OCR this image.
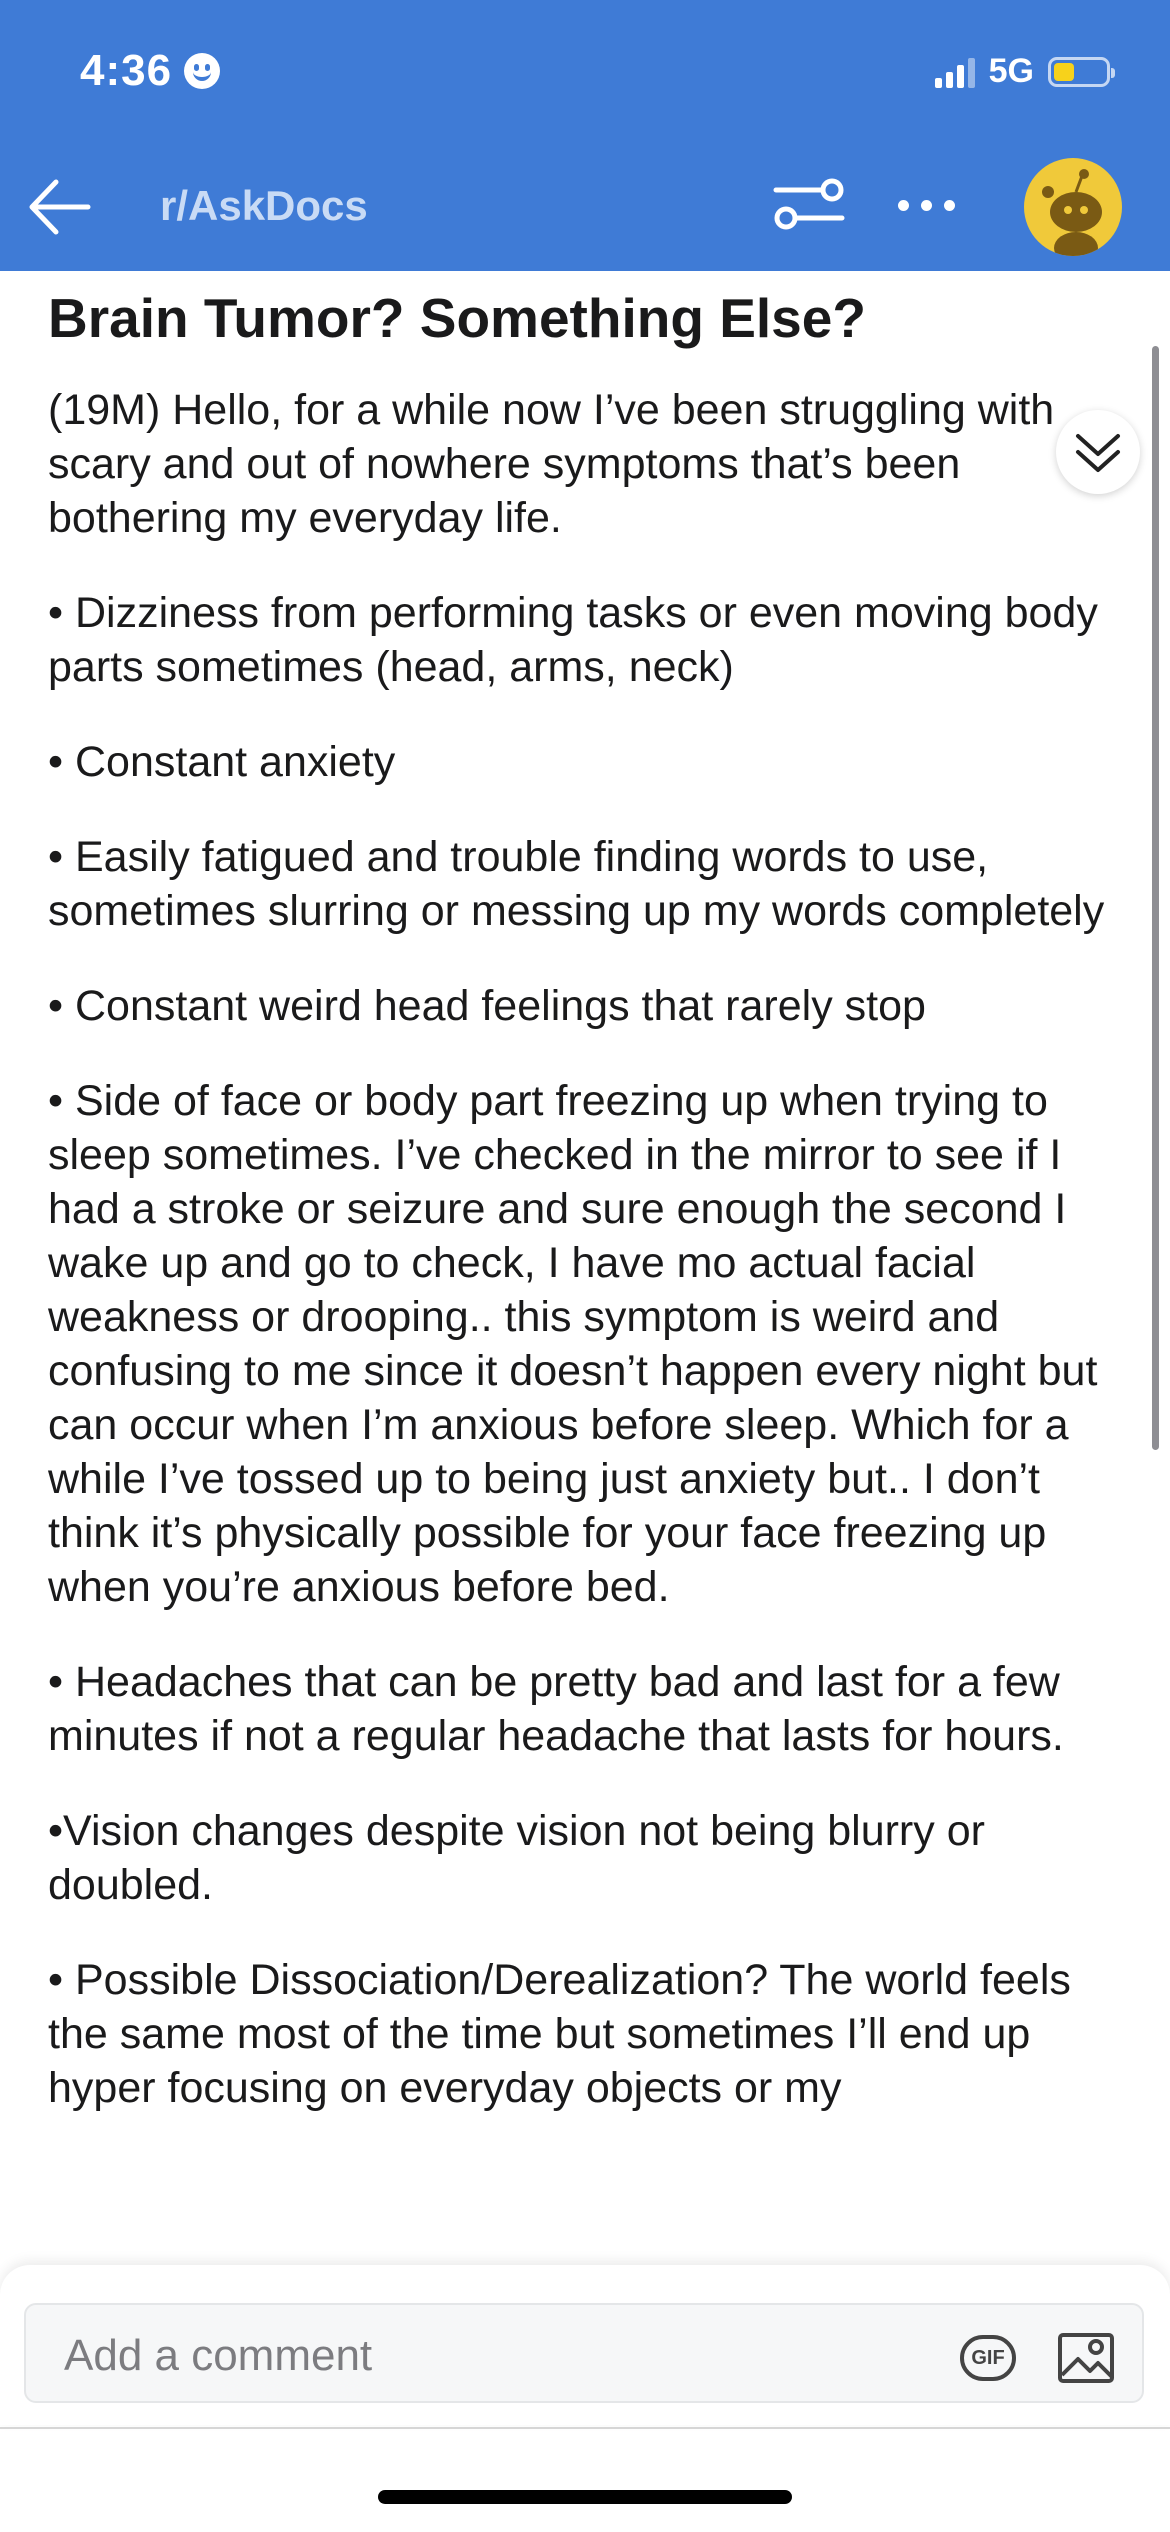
4:36	5G
r/AskDocs
Brain Tumor? Something Else?

(19M) Hello, for a while now I’ve been struggling with scary and out of nowhere symptoms that’s been bothering my everyday life.

• Dizziness from performing tasks or even moving body parts sometimes (head, arms, neck)

• Constant anxiety

• Easily fatigued and trouble finding words to use, sometimes slurring or messing up my words completely

• Constant weird head feelings that rarely stop

• Side of face or body part freezing up when trying to sleep sometimes. I’ve checked in the mirror to see if I had a stroke or seizure and sure enough the second I wake up and go to check, I have mo actual facial weakness or drooping.. this symptom is weird and confusing to me since it doesn’t happen every night but can occur when I’m anxious before sleep. Which for a while I’ve tossed up to being just anxiety but.. I don’t think it’s physically possible for your face freezing up when you’re anxious before bed.

• Headaches that can be pretty bad and last for a few minutes if not a regular headache that lasts for hours.

•Vision changes despite vision not being blurry or doubled.

• Possible Dissociation/Derealization? The world feels the same most of the time but sometimes I’ll end up hyper focusing on everyday objects or my

Add a comment	GIF
